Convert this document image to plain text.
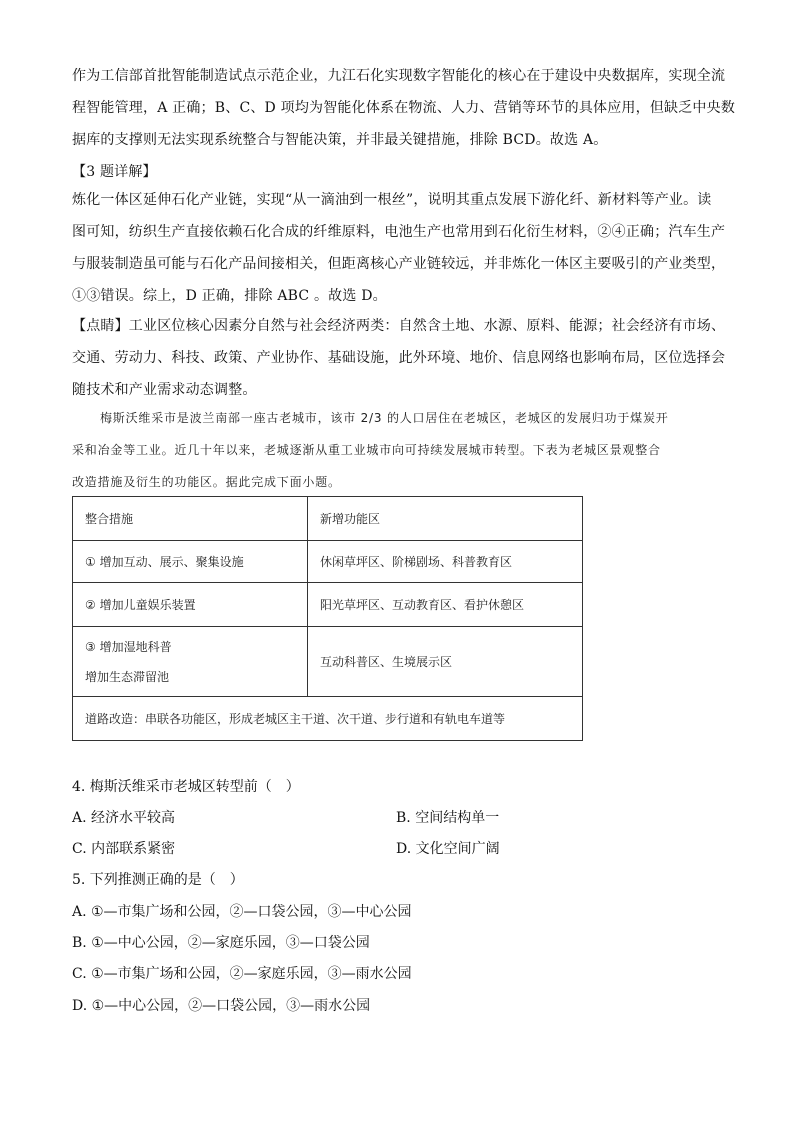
作为工信部首批智能制造试点示范企业，九江石化实现数字智能化的核心在于建设中央数据库，实现全流
程智能管理，A 正确；B、C、D 项均为智能化体系在物流、人力、营销等环节的具体应用，但缺乏中央数
据库的支撑则无法实现系统整合与智能决策，并非最关键措施，排除 BCD。故选 A。
【3 题详解】
炼化一体区延伸石化产业链，实现“从一滴油到一根丝”，说明其重点发展下游化纤、新材料等产业。读
图可知，纺织生产直接依赖石化合成的纤维原料，电池生产也常用到石化衍生材料，②④正确；汽车生产
与服装制造虽可能与石化产品间接相关，但距离核心产业链较远，并非炼化一体区主要吸引的产业类型，
①③错误。综上，D 正确，排除 ABC 。故选 D。
【点睛】工业区位核心因素分自然与社会经济两类：自然含土地、水源、原料、能源；社会经济有市场、
交通、劳动力、科技、政策、产业协作、基础设施，此外环境、地价、信息网络也影响布局，区位选择会
随技术和产业需求动态调整。
梅斯沃维采市是波兰南部一座古老城市，该市 2/3 的人口居住在老城区，老城区的发展归功于煤炭开
采和冶金等工业。近几十年以来，老城逐渐从重工业城市向可持续发展城市转型。下表为老城区景观整合
改造措施及衍生的功能区。据此完成下面小题。
整合措施	新增功能区

① 增加互动、展示、聚集设施	休闲草坪区、阶梯剧场、科普教育区

② 增加儿童娱乐装置	阳光草坪区、互动教育区、看护休憩区

③ 增加湿地科普
增加生态滞留池	互动科普区、生境展示区
道路改造：串联各功能区，形成老城区主干道、次干道、步行道和有轨电车道等	
4. 梅斯沃维采市老城区转型前（　）
A. 经济水平较高	B. 空间结构单一
C. 内部联系紧密	D. 文化空间广阔
5. 下列推测正确的是（　）
A. ①—市集广场和公园，②—口袋公园，③—中心公园
B. ①—中心公园，②—家庭乐园，③—口袋公园
C. ①—市集广场和公园，②—家庭乐园，③—雨水公园
D. ①—中心公园，②—口袋公园，③—雨水公园
